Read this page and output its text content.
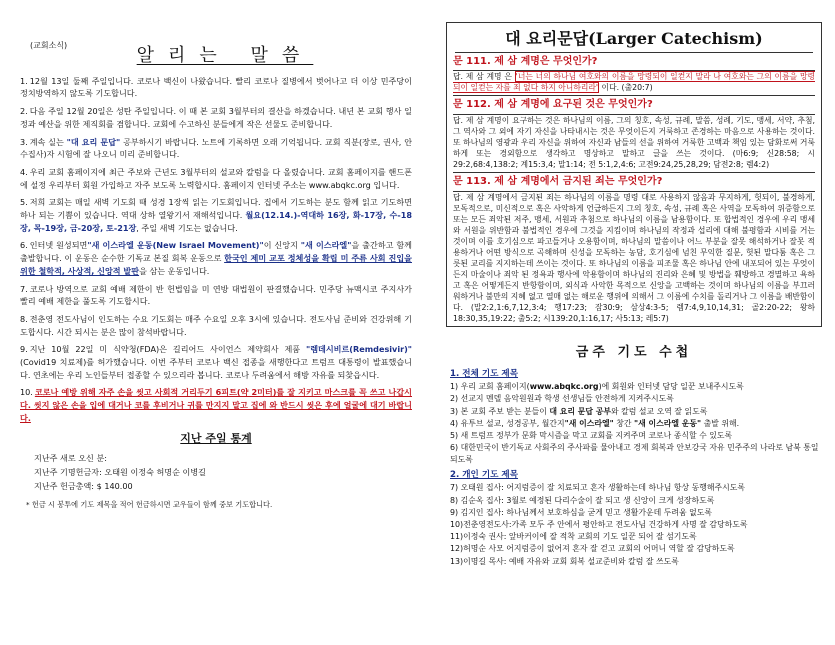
(교회소식)	알리는 말씀
1. 12월 13일 둘째 주일입니다. 코로나 백신이 나왔습니다. 빨리 코로나 질병에서 벗어나고 더 이상 민주당이 정치방역하지 않도록 기도합니다.
2. 다음 주일 12월 20일은 성탄 주일입니다. 이 때 본 교회 3월부터의 결산을 하겠습니다. 내년 본 교회 행사 일정과 예산을 위한 제직회를 겸합니다. 교회에 수고하신 분들에게 작은 선물도 준비합니다.
3. 계속 실는 "대 요리 문답" 공부하시기 바랍니다. 노트에 기록하면 오래 기억됩니다. 교회 직분(장로, 권사, 안수집사)자 시험에 잘 나오니 미리 준비합니다.
4. 우리 교회 홈페이지에 최근 주보와 근년도 3월부터의 설교와 칼럼을 다 올렸습니다. 교회 홈페이지를 핸드폰에 설정 우리부터 회원 가입하고 자주 보도록 노력합시다. 홈페이지 인터넷 주소는 www.abqkc.org 입니다.
5. 저희 교회는 매일 새벽 기도회 때 성경 1장씩 읽는 기도회입니다. 집에서 기도하는 분도 함께 읽고 기도하면 하나 되는 기쁨이 있습니다. 역대 상하 열왕기서 재해석입니다. 월요(12.14.)-역대하 16장, 화-17장, 수-18장, 목-19장, 금-20장, 토-21장, 주일 새벽 기도는 없습니다.
6. 인터넷 원성되면"새 이스라엘 운동(New Israel Movement)"이 신앙지 "새 이스라엘"을 출간하고 함께 출발합니다. 이 운동은 순수한 기독교 본질 회복 운동으로 한국인 제미 교포 정체성을 확립 미 주류 사회 진입을 위한 철학적, 사상적, 신앙적 발판을 삼는 운동입니다.
7. 코로나 방역으로 교회 예배 제한이 반 헌법임을 미 연방 대법원이 판결했습니다. 민주당 뉴맥시코 주지사가 빨리 예배 제한을 풀도록 기도합시다.
8. 전춘영 전도사님이 인도하는 수요 기도회는 매주 수요일 오후 3시에 있습니다. 전도사님 준비와 건강위해 기도합시다. 시간 되시는 분은 많이 참석바랍니다.
9. 지난 10월 22일 미 식약청(FDA)은 길리어드 사이언스 제약회사 제품 "렘데시비르(Remdesivir)"(Covid19 치료제)를 허가했습니다. 이번 주부터 코로나 백신 접종을 새행한다고 트럼프 대통령이 발표했습니다. 연초에는 우리 노인들부터 접종할 수 있으리라 봅니다. 코로나 두려움에서 해방 자유를 되찾읍시다.
10. 코로나 예방 위해 자주 손을 씻고 사회적 거리두기 6피트(약 2미터)를 잘 지키고 마스크를 꼭 쓰고 나갑시다. 씻지 않은 손을 입에 대거나 코를 후비거나 귀를 만지지 말고 집에 와 반드시 씻은 후에 얼굴에 대기 바랍니다.
지난 주일 통계

지난주 새로 오신 분:

지난주 기명헌금자: 오태원 이정숙 허명순 이병길

지난주 헌금총액: $ 140.00

* 헌금 시 봉투에 기도 제목을 적어 헌금하시면 교우들이 함께 중보 기도합니다.

대 요리문답(Larger Catechism)
문 111. 제 삼 계명은 무엇인가?
답. 제 삼 계명 은 '너는 너의 하나님 여호와의 이름을 망령되이 일컫지 말라 나 여호와는 그의 이름을 망령되이 일컫는 자를 죄 없다 하지 아니하리라' 이다. (출20:7)
문 112. 제 삼 계명에 요구된 것은 무엇인가?
답. 제 삼 계명이 요구하는 것은 하나님의 이름, 그의 칭호, 속성, 규례, 말씀, 성례, 기도, 맹세, 서약, 추첨, 그 역사와 그 외에 자기 자신을 나타내시는 것은 무엇이든지 거룩하고 존경하는 마음으로 사용하는 것이다. 또 하나님의 영광과 우리 자신을 위하여 자신과 남들의 선을 위하여 거룩한 고백과 책임 있는 담화로써 거룩하게 또는 경외함으로 생각하고 명상하고 말하고 글을 쓰는 것이다. (마6:9; 신28:58; 시29:2,68:4,138:2; 계15:3,4; 말1:14; 전 5:1,2,4:6; 고전9:24,25,28,29; 담전2:8; 렘4:2)
문 113. 제 삼 계명에서 금지된 죄는 무엇인가?
답. 제 삼 계명에서 금지된 죄는 하나님의 이름을 명령 대로 사용하지 않음과 무지하게, 헛되이, 불경하게, 모독적으로, 미신적으로 혹은 사악하게 언급하든지 그의 칭호, 속성, 규례 혹은 사역을 모독하여 위증함으로 또는 모든 죄악된 저주, 맹세, 서원과 추첨으로 하나님의 이름을 남용함이다. 또 합법적인 경우에 우리 맹세와 서원을 위반함과 불법적인 경우에 그것을 지킴이며 하나님의 작정과 섭리에 대해 불평함과 시비를 거는 것이며 이를 호기심으로 파고들거나 오용함이며, 하나님의 말씀이나 어느 부분을 잘못 해석하거나 잘못 적용하거나 어떤 방식으로 곡해하며 신성을 모독하는 농담, 호기심에 넘친 무익한 질문, 헛된 말다툼 혹은 그릇된 교리를 지지하는데 쓰이는 것이다. 또 하나님의 이름을 피조물 혹은 하나님 안에 내포되어 있는 무엇이든지 마술이나 죄악 된 정욕과 행사에 악용함이며 하나님의 진리와 은혜 및 방법을 훼방하고 경멸하고 욕하고 혹은 어떻게든지 반항함이며, 외식과 사악한 목적으로 신앙을 고백하는 것이며 하나님의 이름을 부끄러워하거나 불만의 지혜 없고 열매 없는 해로운 행위에 의해서 그 이름에 수치를 돌리거나 그 이름을 배반함이다. (말2:2,1:6,7,12,3:4; 행17:23; 잠30:9; 삼상4:3-5; 렘7:4,9,10,14,31; 골2:20-22; 왕하18:30,35,19:22; 출5:2; 시139:20,1:16,17; 사5:13; 레5:7)
금주 기도 수첩
1. 전체 기도 제목
1) 우리 교회 홈페이지(www.abqkc.org)에 회원와 인터넷 담당 일꾼 보내주시도록
2) 선교지 멘델 음악원원과 학생 선생님들 안전하게 지켜주시도록
3) 본 교회 주보 받는 분들이 대 요리 문답 공부와 칼럼 설교 오역 잘 읽도록
4) 유투브 설교, 성경공부, 월간지"새 이스라엘" 창간 "새 이스라엘 운동" 출발 위해.
5) 새 트럼프 정부가 문화 막시즘을 막고 교회를 지켜주며 코로나 종식할 수 있도록
6) 대한민국이 반기독교 사회주의 주사파를 물아내고 경제 회복과 안보강국 자유 민주주의 나라로 남북 통일되도록
2. 개인 기도 제목
7) 오태원 집사: 어지럼증이 잘 치료되고 혼자 생활하는데 하나님 항상 동행해주시도록
8) 김순옥 집사: 3월로 예정된 다리수술이 잘 되고 생 신앙이 크게 성장하도록
9) 김지인 집사: 하나님께서 보호하심을 굳게 믿고 생활가운데 두려움 없도록
10)전춘영전도사:가족 모두 주 안에서 평안하고 전도사님 건강하게 사명 잘 감당하도록
11)이정숙 권사: 앞바커이에 잘 적착 교회의 기도 일꾼 되어 잘 섬기도록
12)허명순 사모 어지럼증이 없어져 혼자 잘 걷고 교회의 어머니 역할 잘 감당하도록
13)이명길 목사: 예배 자유와 교회 회복 설교준비와 칼럼 잘 쓰도록
